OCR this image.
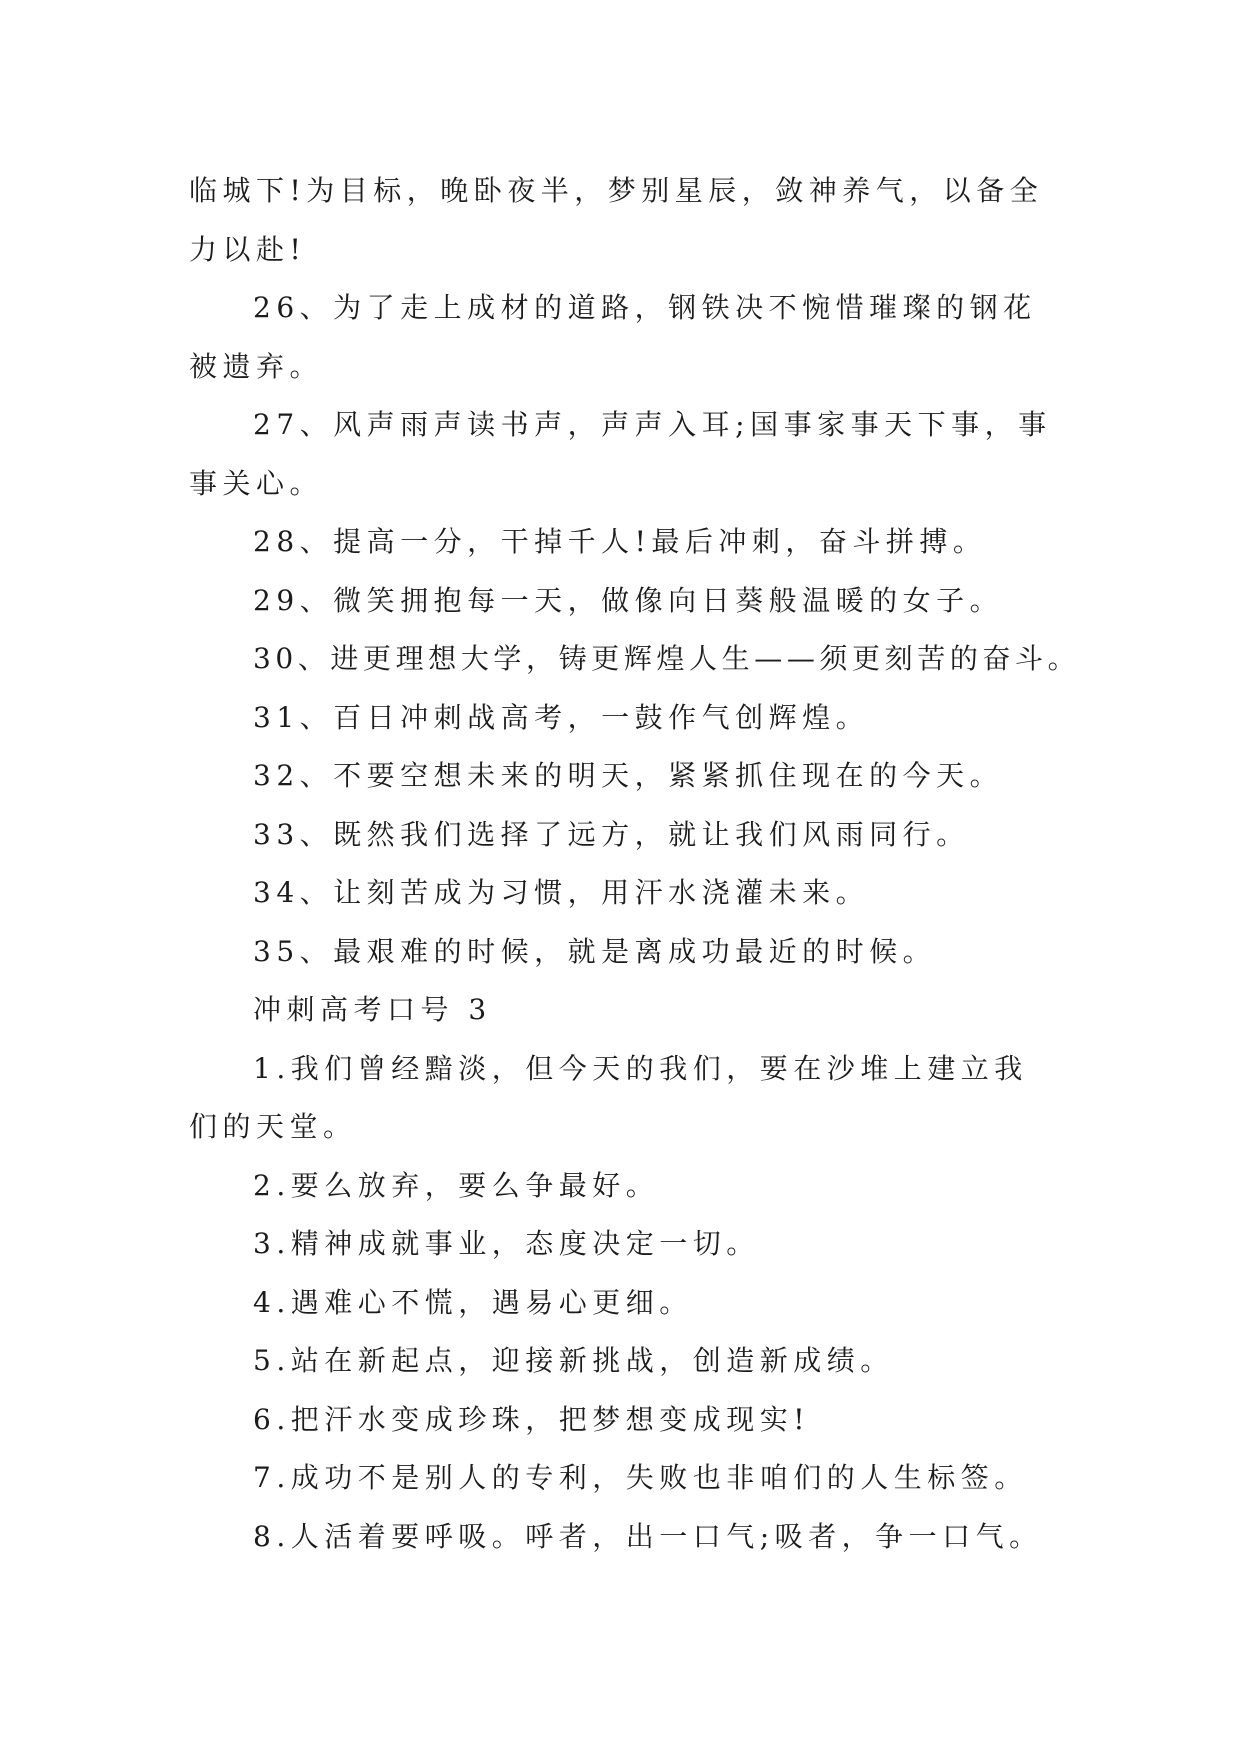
临城下!为目标，晚卧夜半，梦别星辰，敛神养气，以备全力以赴!

26、为了走上成材的道路，钢铁决不惋惜璀璨的钢花被遗弃。

27、风声雨声读书声，声声入耳;国事家事天下事，事事关心。

28、提高一分，干掉千人!最后冲刺，奋斗拼搏。

29、微笑拥抱每一天，做像向日葵般温暖的女子。

30、进更理想大学，铸更辉煌人生——须更刻苦的奋斗。

31、百日冲刺战高考，一鼓作气创辉煌。

32、不要空想未来的明天，紧紧抓住现在的今天。

33、既然我们选择了远方，就让我们风雨同行。

34、让刻苦成为习惯，用汗水浇灌未来。

35、最艰难的时候，就是离成功最近的时候。

冲刺高考口号 3

1.我们曾经黯淡，但今天的我们，要在沙堆上建立我们的天堂。

2.要么放弃，要么争最好。

3.精神成就事业，态度决定一切。

4.遇难心不慌，遇易心更细。

5.站在新起点，迎接新挑战，创造新成绩。

6.把汗水变成珍珠，把梦想变成现实!

7.成功不是别人的专利，失败也非咱们的人生标签。

8.人活着要呼吸。呼者，出一口气;吸者，争一口气。
